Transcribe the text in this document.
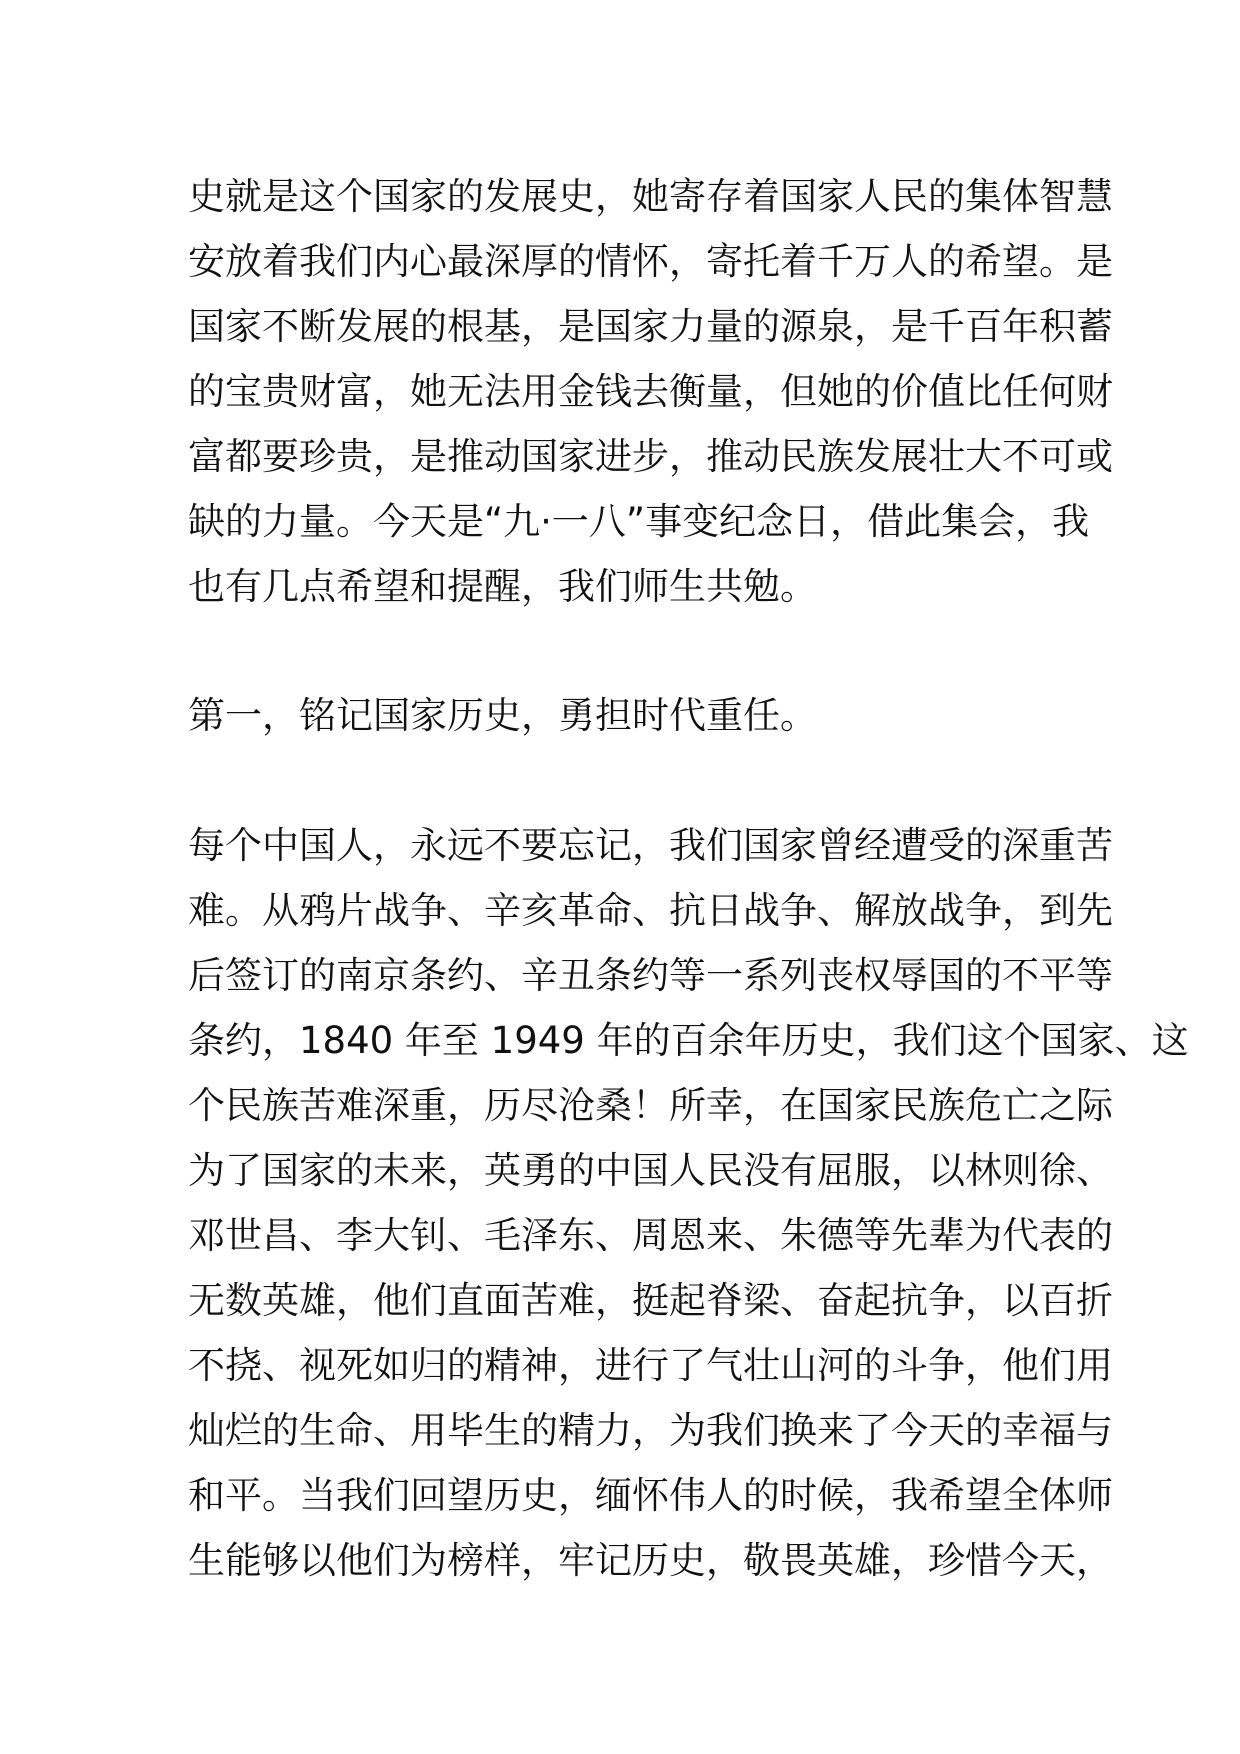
史就是这个国家的发展史，她寄存着国家人民的集体智慧
安放着我们内心最深厚的情怀，寄托着千万人的希望。是
国家不断发展的根基，是国家力量的源泉，是千百年积蓄
的宝贵财富，她无法用金钱去衡量，但她的价值比任何财
富都要珍贵，是推动国家进步，推动民族发展壮大不可或
缺的力量。今天是“九·一八”事变纪念日，借此集会，我
也有几点希望和提醒，我们师生共勉。
第一，铭记国家历史，勇担时代重任。
每个中国人，永远不要忘记，我们国家曾经遭受的深重苦
难。从鸦片战争、辛亥革命、抗日战争、解放战争，到先
后签订的南京条约、辛丑条约等一系列丧权辱国的不平等
条约，1840 年至 1949 年的百余年历史，我们这个国家、这
个民族苦难深重，历尽沧桑！所幸，在国家民族危亡之际
为了国家的未来，英勇的中国人民没有屈服，以林则徐、
邓世昌、李大钊、毛泽东、周恩来、朱德等先辈为代表的
无数英雄，他们直面苦难，挺起脊梁、奋起抗争，以百折
不挠、视死如归的精神，进行了气壮山河的斗争，他们用
灿烂的生命、用毕生的精力，为我们换来了今天的幸福与
和平。当我们回望历史，缅怀伟人的时候，我希望全体师
生能够以他们为榜样，牢记历史，敬畏英雄，珍惜今天，
